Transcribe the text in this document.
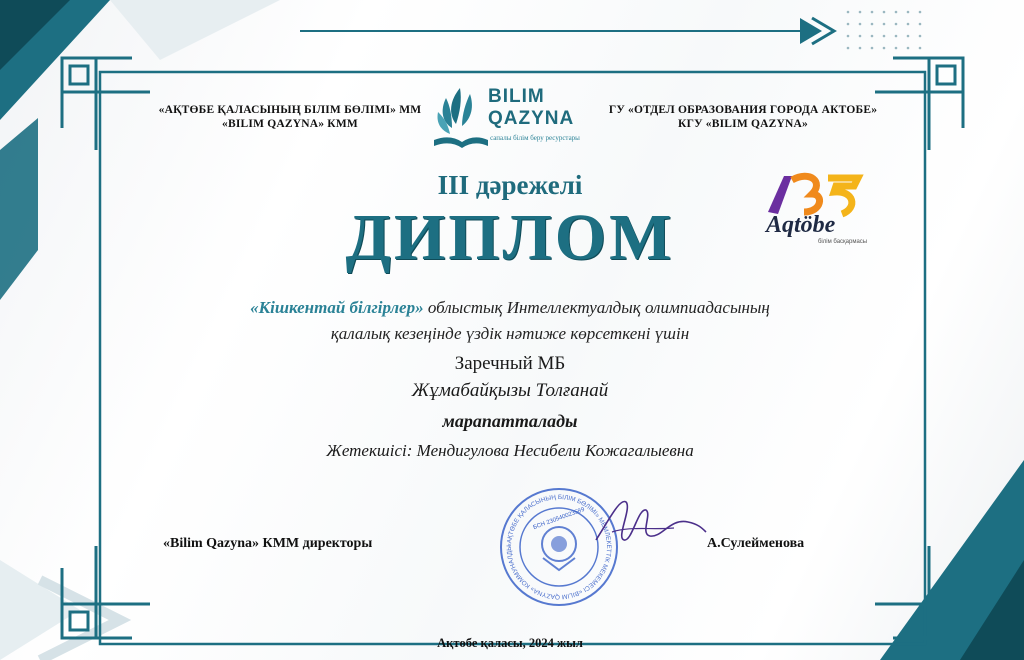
«АҚТӨБЕ ҚАЛАСЫНЫҢ БІЛІМ БӨЛІМІ» ММ
«BILIM QAZYNA» КММ
ГУ «ОТДЕЛ ОБРАЗОВАНИЯ ГОРОДА АКТОБЕ»
КГУ «BILIM QAZYNA»
BILIM
QAZYNA
сапалы білім беру ресурстары
Aqtöbe
білім басқармасы
ІІІ дәрежелі
ДИПЛОМ
«Кішкентай білгірлер» облыстық Интеллектуалдық олимпиадасының
қалалық кезеңінде үздік нәтиже көрсеткені үшін
Заречный МБ
Жұмабайқызы Толғанай
марапатталады
Жетекшісі: Мендигулова Несибели Кожагалыевна
«АҚТӨБЕ ҚАЛАСЫНЫҢ БІЛІМ БӨЛІМІ» МЕМЛЕКЕТТІК МЕКЕМЕСІ «BILIM QAZYNA» КОММУНАЛДЫ
БСН 230540023589
«Bilim Qazyna» КММ директоры	А.Сулейменова
Ақтөбе қаласы, 2024 жыл
